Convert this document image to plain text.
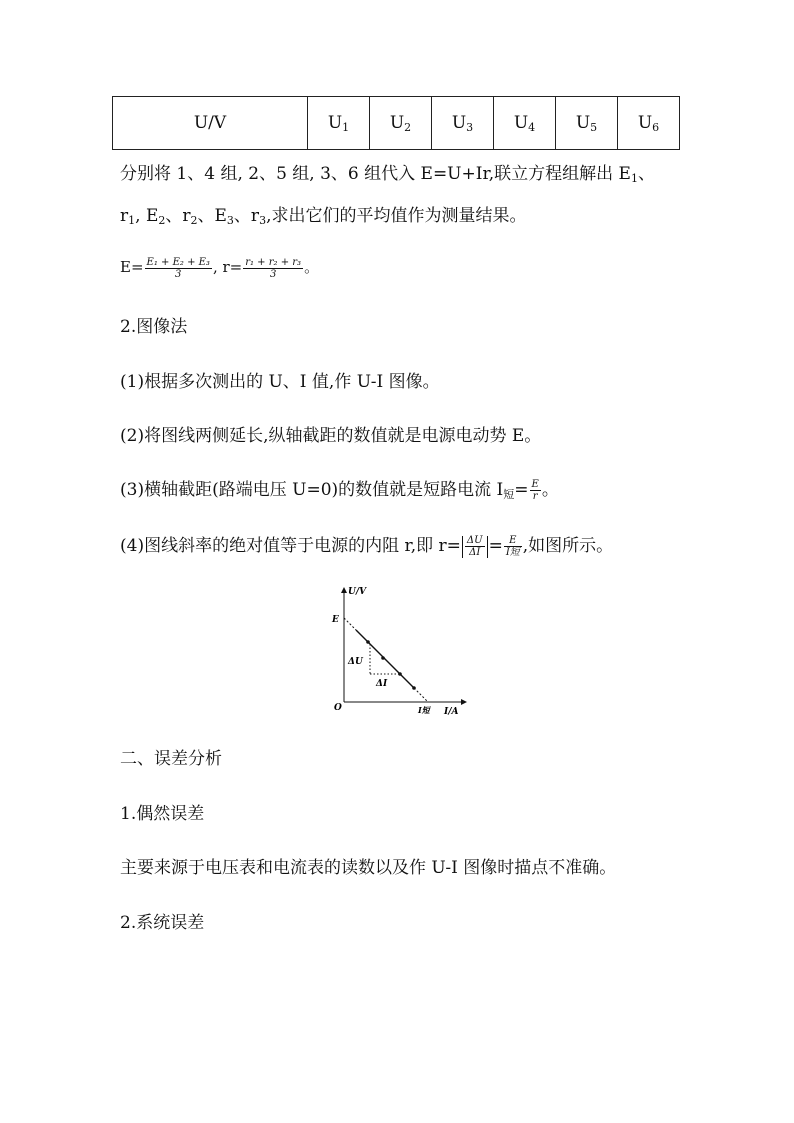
U/V	$U_1$	$U_2$	$U_3$	$U_4$	$U_5$	$U_6$
分别将 1、4 组, 2、5 组, 3、6 组代入 E=U+Ir,联立方程组解出 $E_1$、
$r_1$, $E_2$、$r_2$、$E_3$、$r_3$,求出它们的平均值作为测量结果。
$E= \frac{\text{E₁ + E₂ + E₃}}{3}$ , $r= \frac{\text{r₁ + r₂ + r₃}}{3}$ 。
2.图像法
(1)根据多次测出的 U、I 值,作 U-I 图像。
(2)将图线两侧延长,纵轴截距的数值就是电源电动势 E。
(3)横轴截距(路端电压 U=0)的数值就是短路电流 $I_短= \frac{E}{r}$ 。
(4)图线斜率的绝对值等于电源的内阻 r,即 $r= \frac{\Delta U}{\Delta I} = \frac{E}{\text{I短}}$ ,如图所示。
U/V
E
ΔU
ΔI
O	I短 I/A
二、误差分析
1.偶然误差
主要来源于电压表和电流表的读数以及作 U-I 图像时描点不准确。
2.系统误差
